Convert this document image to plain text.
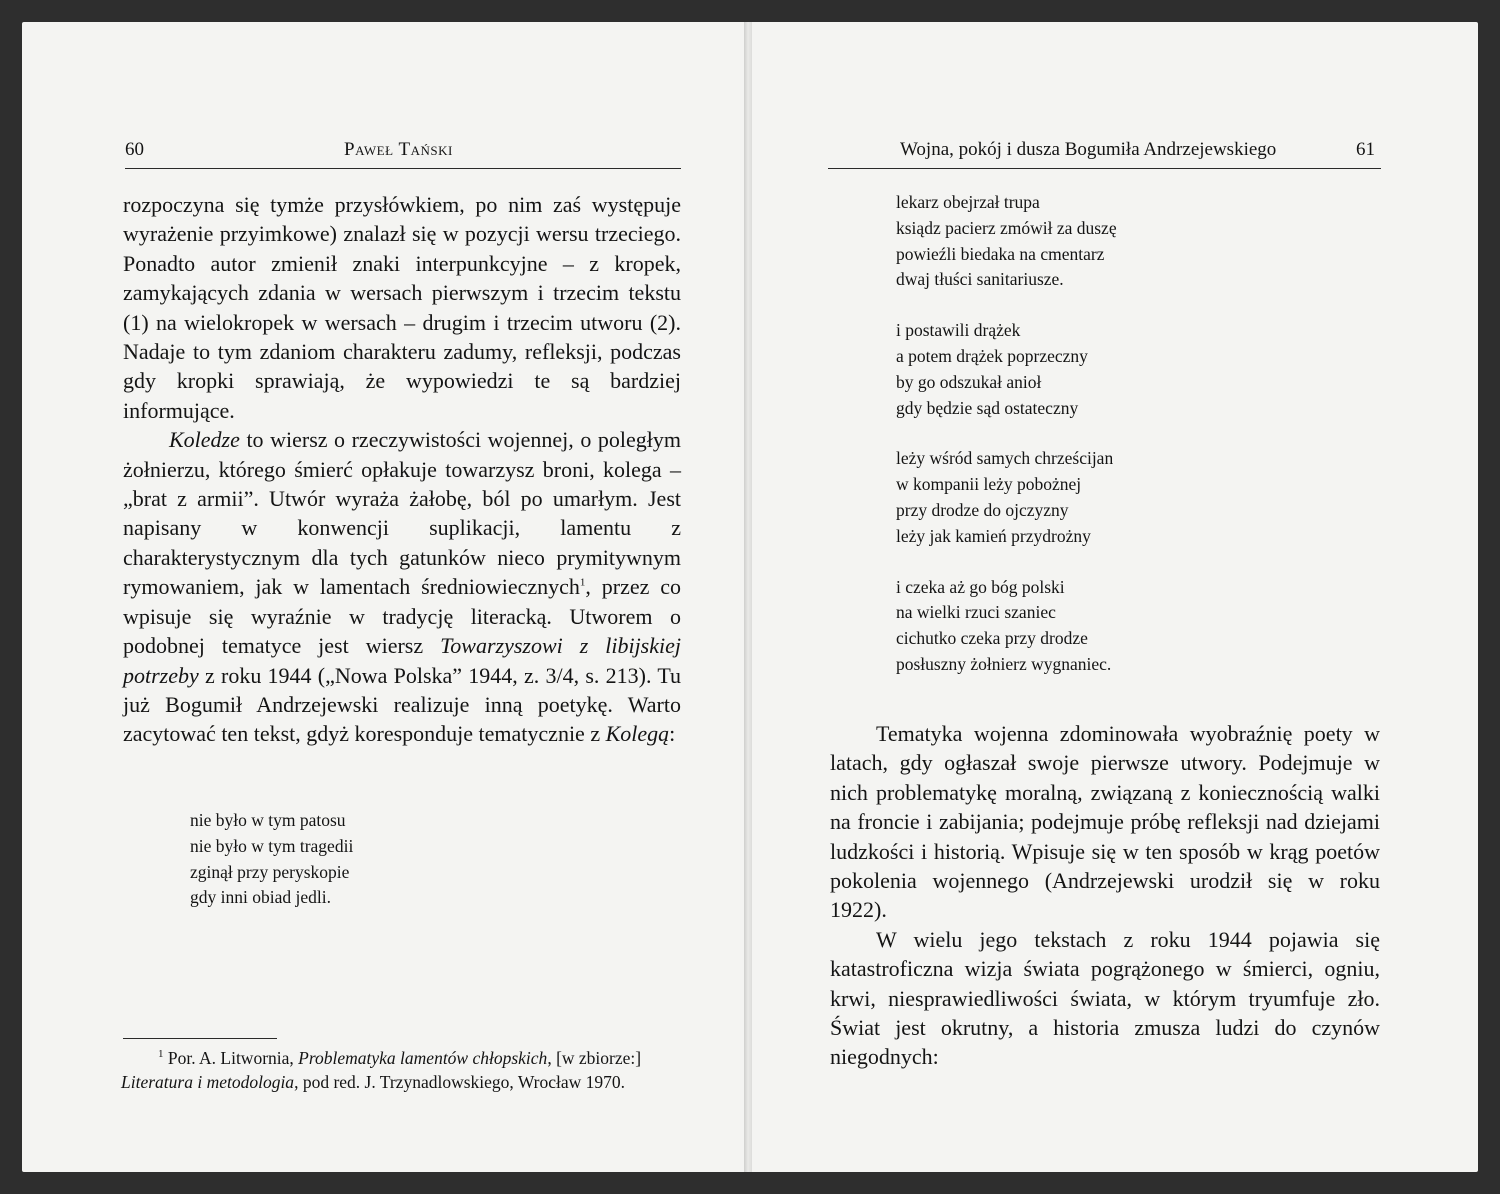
60	Paweł Tański

rozpoczyna się tymże przysłówkiem, po nim zaś występuje wyrażenie przyimkowe) znalazł się w pozycji wersu trzeciego. Ponadto autor zmienił znaki interpunkcyjne – z kropek, zamykających zdania w wersach pierwszym i trzecim tekstu (1) na wielokropek w wersach – drugim i trzecim utworu (2). Nadaje to tym zdaniom charakteru zadumy, refleksji, podczas gdy kropki sprawiają, że wypowiedzi te są bardziej informujące.

Koledze to wiersz o rzeczywistości wojennej, o poległym żołnierzu, którego śmierć opłakuje towarzysz broni, kolega – „brat z armii”. Utwór wyraża żałobę, ból po umarłym. Jest napisany w konwencji suplikacji, lamentu z charakterystycznym dla tych gatunków nieco prymitywnym rymowaniem, jak w lamentach średniowiecznych$^1$, przez co wpisuje się wyraźnie w tradycję literacką. Utworem o podobnej tematyce jest wiersz Towarzyszowi z libijskiej potrzeby z roku 1944 („Nowa Polska” 1944, z. 3/4, s. 213). Tu już Bogumił Andrzejewski realizuje inną poetykę. Warto zacytować ten tekst, gdyż koresponduje tematycznie z Kolegą:

nie było w tym patosu
nie było w tym tragedii
zginął przy peryskopie
gdy inni obiad jedli.

$^1$ Por. A. Litwornia, Problematyka lamentów chłopskich, [w zbiorze:] Literatura i metodologia, pod red. J. Trzynadlowskiego, Wrocław 1970.

Wojna, pokój i dusza Bogumiła Andrzejewskiego	61
lekarz obejrzał trupa
ksiądz pacierz zmówił za duszę
powieźli biedaka na cmentarz
dwaj tłuści sanitariusze.
i postawili drążek
a potem drążek poprzeczny
by go odszukał anioł
gdy będzie sąd ostateczny
leży wśród samych chrześcijan
w kompanii leży pobożnej
przy drodze do ojczyzny
leży jak kamień przydrożny
i czeka aż go bóg polski
na wielki rzuci szaniec
cichutko czeka przy drodze
posłuszny żołnierz wygnaniec.

Tematyka wojenna zdominowała wyobraźnię poety w latach, gdy ogłaszał swoje pierwsze utwory. Podejmuje w nich problematykę moralną, związaną z koniecznością walki na froncie i zabijania; podejmuje próbę refleksji nad dziejami ludzkości i historią. Wpisuje się w ten sposób w krąg poetów pokolenia wojennego (Andrzejewski urodził się w roku 1922).

W wielu jego tekstach z roku 1944 pojawia się katastroficzna wizja świata pogrążonego w śmierci, ogniu, krwi, niesprawiedliwości świata, w którym tryumfuje zło. Świat jest okrutny, a historia zmusza ludzi do czynów niegodnych:
